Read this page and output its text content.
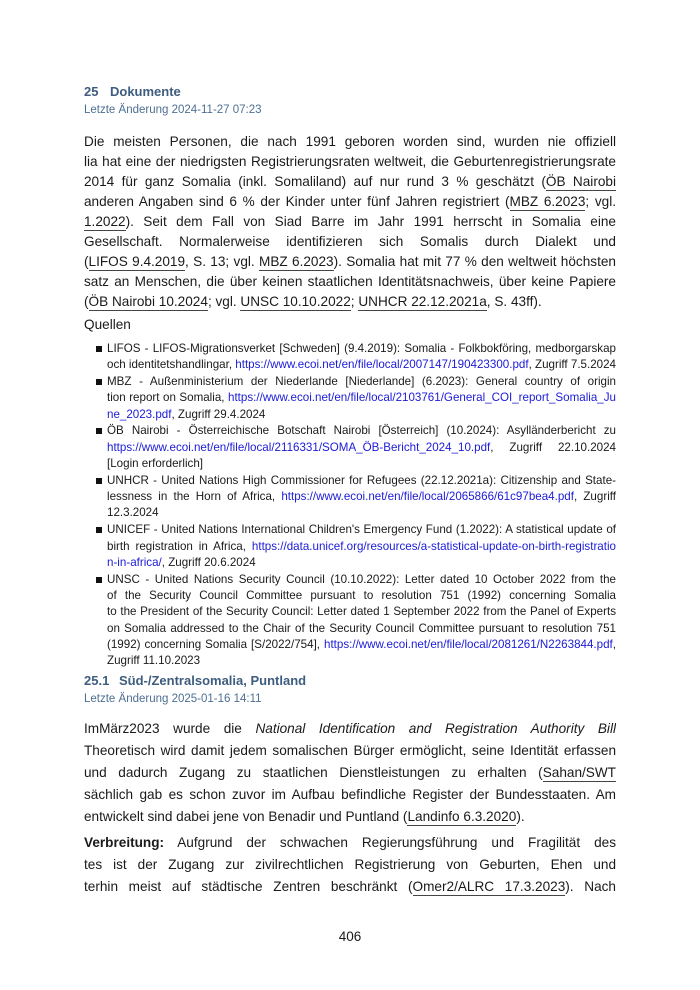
25 Dokumente
Letzte Änderung 2024-11-27 07:23
Die meisten Personen, die nach 1991 geboren worden sind, wurden nie offiziell
lia hat eine der niedrigsten Registrierungsraten weltweit, die Geburtenregistrierungsrate
2014 für ganz Somalia (inkl. Somaliland) auf nur rund 3 % geschätzt (ÖB Nairobi
anderen Angaben sind 6 % der Kinder unter fünf Jahren registriert (MBZ 6.2023; vgl.
1.2022). Seit dem Fall von Siad Barre im Jahr 1991 herrscht in Somalia eine
Gesellschaft. Normalerweise identifizieren sich Somalis durch Dialekt und
(LIFOS 9.4.2019, S. 13; vgl. MBZ 6.2023). Somalia hat mit 77 % den weltweit höchsten
satz an Menschen, die über keinen staatlichen Identitätsnachweis, über keine Papiere
(ÖB Nairobi 10.2024; vgl. UNSC 10.10.2022; UNHCR 22.12.2021a, S. 43ff).
Quellen
LIFOS - LIFOS-Migrationsverket [Schweden] (9.4.2019): Somalia - Folkbokföring, medborgarskap
och identitetshandlingar, https://www.ecoi.net/en/file/local/2007147/190423300.pdf, Zugriff 7.5.2024
MBZ - Außenministerium der Niederlande [Niederlande] (6.2023): General country of origin
tion report on Somalia, https://www.ecoi.net/en/file/local/2103761/General_COI_report_Somalia_Ju
ne_2023.pdf, Zugriff 29.4.2024
ÖB Nairobi - Österreichische Botschaft Nairobi [Österreich] (10.2024): Asylländerbericht zu
https://www.ecoi.net/en/file/local/2116331/SOMA_ÖB-Bericht_2024_10.pdf, Zugriff 22.10.2024
[Login erforderlich]
UNHCR - United Nations High Commissioner for Refugees (22.12.2021a): Citizenship and State-
lessness in the Horn of Africa, https://www.ecoi.net/en/file/local/2065866/61c97bea4.pdf, Zugriff
12.3.2024
UNICEF - United Nations International Children's Emergency Fund (1.2022): A statistical update of
birth registration in Africa, https://data.unicef.org/resources/a-statistical-update-on-birth-registratio
n-in-africa/, Zugriff 20.6.2024
UNSC - United Nations Security Council (10.10.2022): Letter dated 10 October 2022 from the
of the Security Council Committee pursuant to resolution 751 (1992) concerning Somalia
to the President of the Security Council: Letter dated 1 September 2022 from the Panel of Experts
on Somalia addressed to the Chair of the Security Council Committee pursuant to resolution 751
(1992) concerning Somalia [S/2022/754], https://www.ecoi.net/en/file/local/2081261/N2263844.pdf,
Zugriff 11.10.2023
25.1 Süd-/Zentralsomalia, Puntland
Letzte Änderung 2025-01-16 14:11
ImMärz2023 wurde die National Identification and Registration Authority Bill
Theoretisch wird damit jedem somalischen Bürger ermöglicht, seine Identität erfassen
und dadurch Zugang zu staatlichen Dienstleistungen zu erhalten (Sahan/SWT
sächlich gab es schon zuvor im Aufbau befindliche Register der Bundesstaaten. Am
entwickelt sind dabei jene von Benadir und Puntland (Landinfo 6.3.2020).
Verbreitung: Aufgrund der schwachen Regierungsführung und Fragilität des
tes ist der Zugang zur zivilrechtlichen Registrierung von Geburten, Ehen und
terhin meist auf städtische Zentren beschränkt (Omer2/ALRC 17.3.2023). Nach
406
